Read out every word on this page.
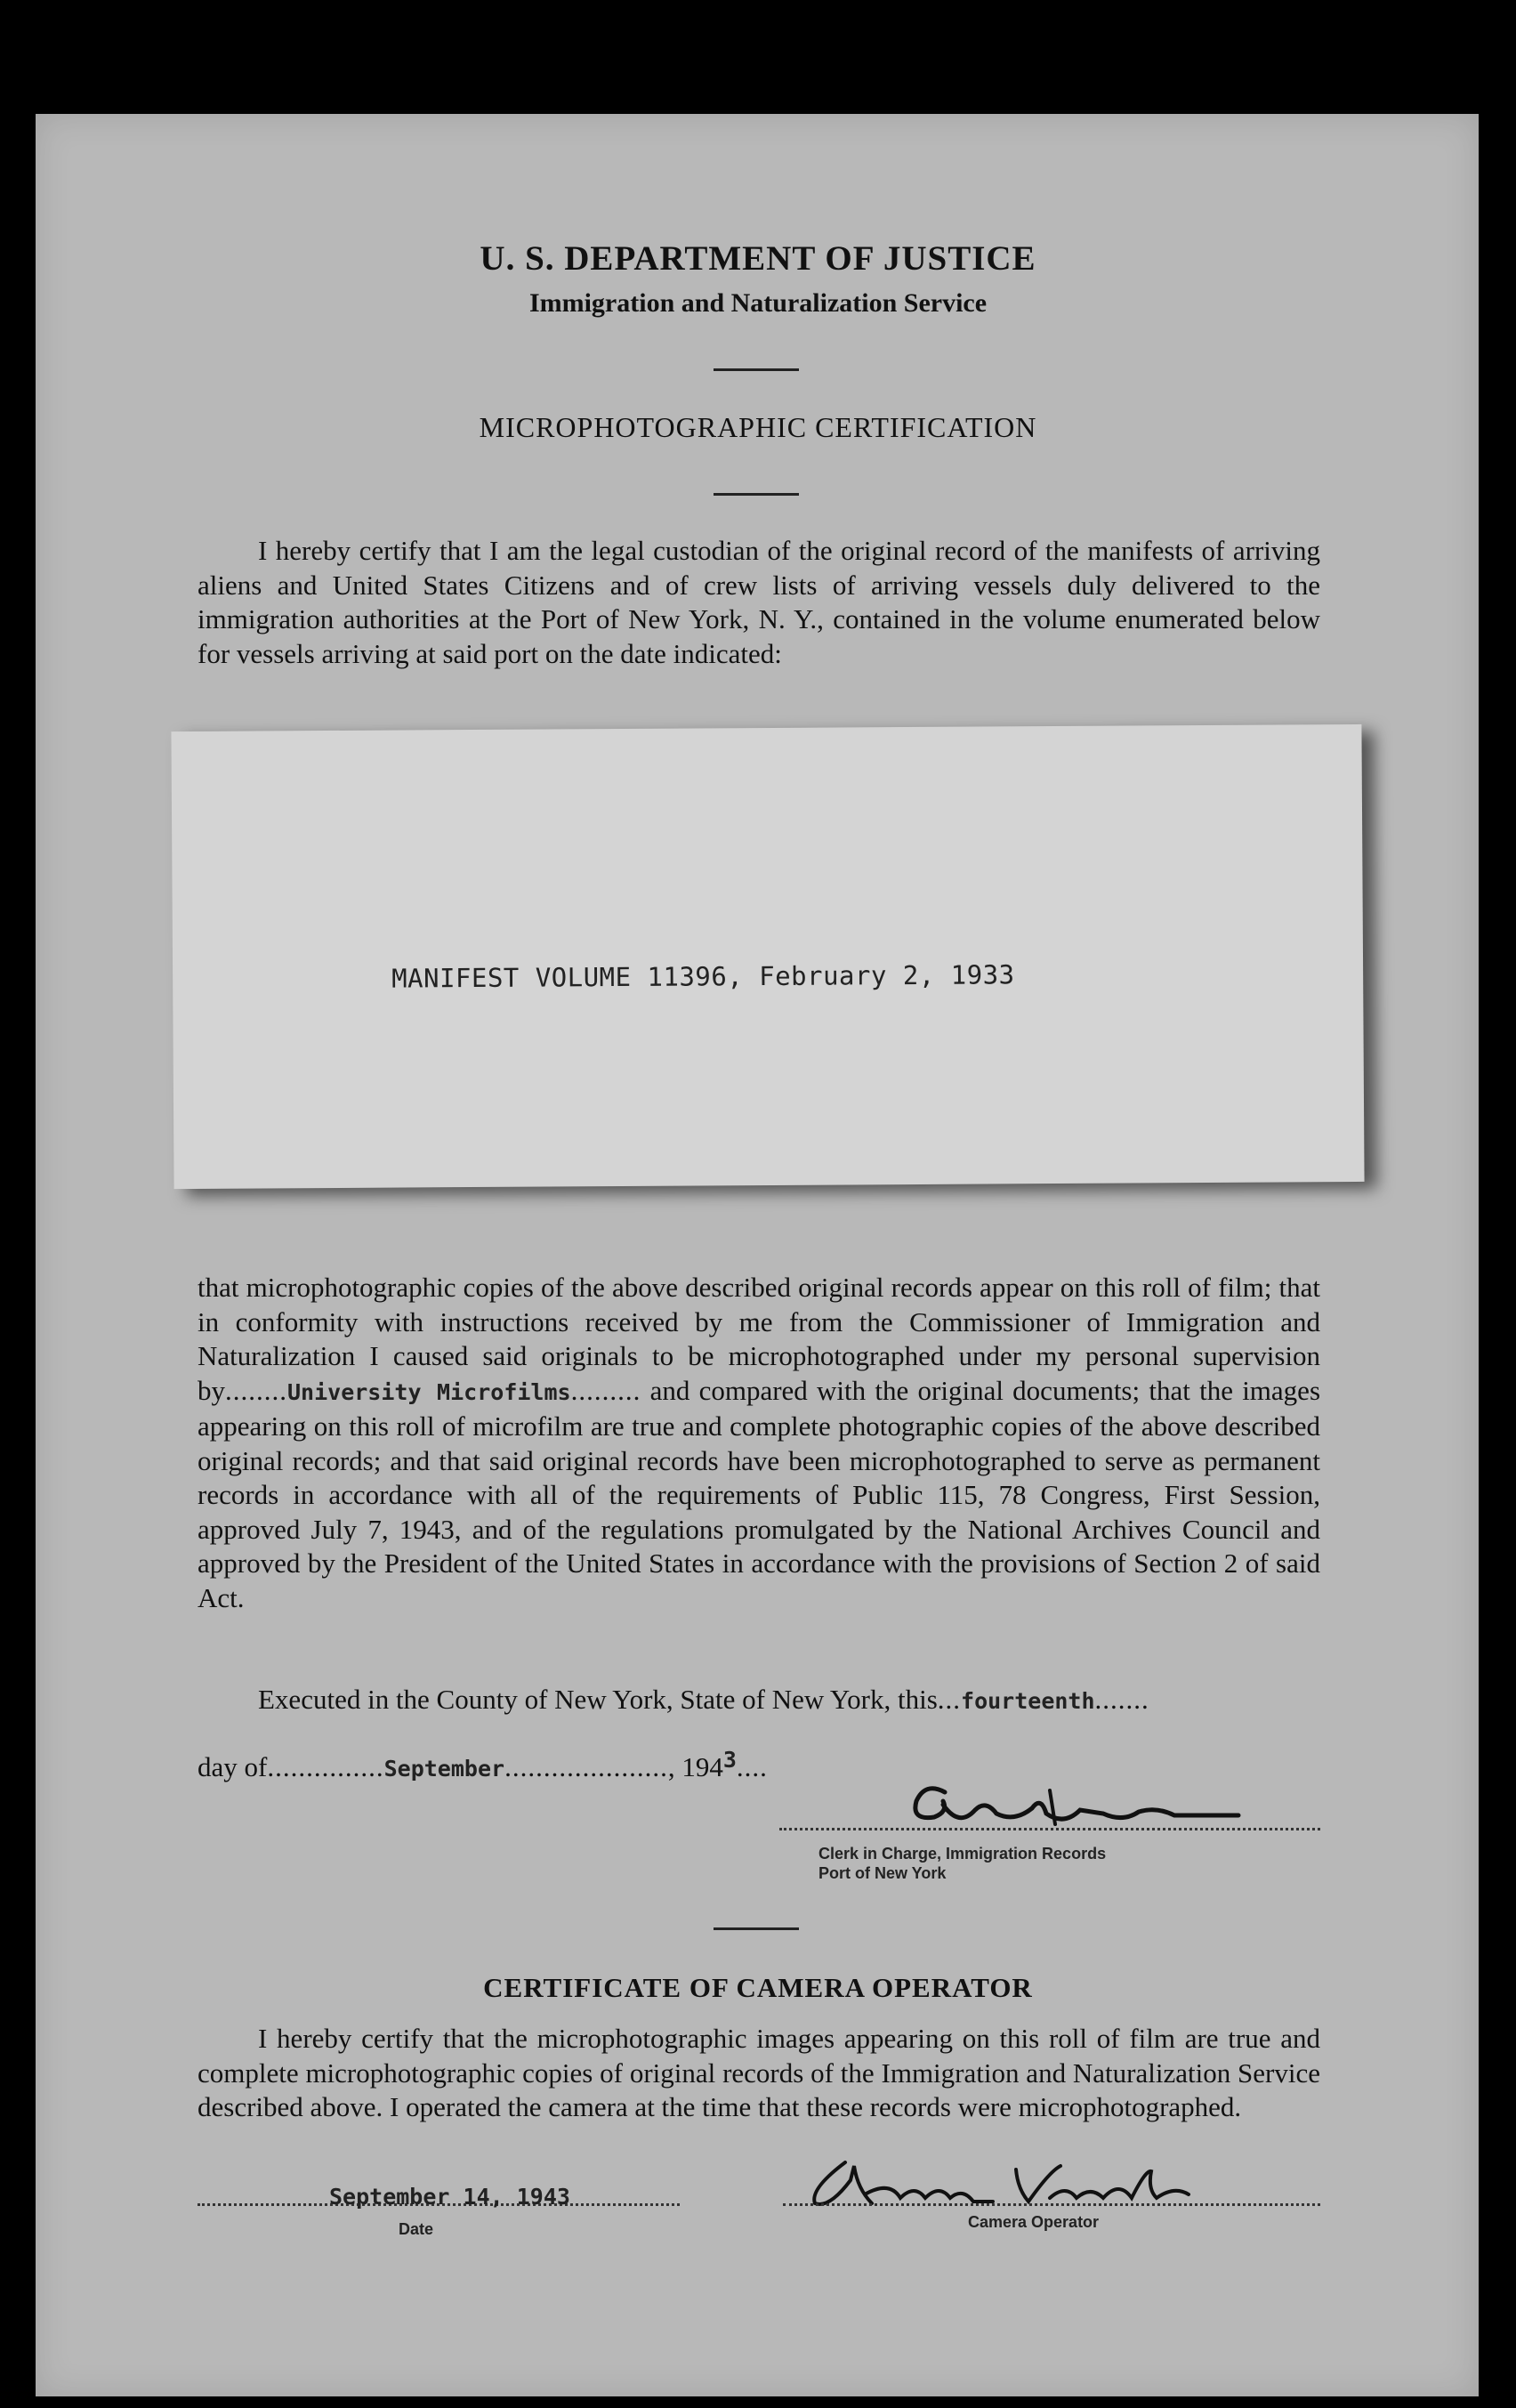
U. S. DEPARTMENT OF JUSTICE
Immigration and Naturalization Service
MICROPHOTOGRAPHIC CERTIFICATION

I hereby certify that I am the legal custodian of the original record of the manifests of arriving aliens and United States Citizens and of crew lists of arriving vessels duly delivered to the immigration authorities at the Port of New York, N. Y., contained in the volume enumerated below for vessels arriving at said port on the date indicated:

MANIFEST VOLUME 11396, February 2, 1933

that microphotographic copies of the above described original records appear on this roll of film; that in conformity with instructions received by me from the Commissioner of Immigration and Naturalization I caused said originals to be microphotographed under my personal supervision by........University Microfilms......... and compared with the original documents; that the images appearing on this roll of microfilm are true and complete photographic copies of the above described original records; and that said original records have been microphotographed to serve as permanent records in accordance with all of the requirements of Public 115, 78 Congress, First Session, approved July 7, 1943, and of the regulations promulgated by the National Archives Council and approved by the President of the United States in accordance with the provisions of Section 2 of said Act.

Executed in the County of New York, State of New York, this...fourteenth.......
day of...............September....................., $194^3$....
Clerk in Charge, Immigration Records
Port of New York
CERTIFICATE OF CAMERA OPERATOR

I hereby certify that the microphotographic images appearing on this roll of film are true and complete microphotographic copies of original records of the Immigration and Naturalization Service described above. I operated the camera at the time that these records were microphotographed.

September 14, 1943
Date	Camera Operator
